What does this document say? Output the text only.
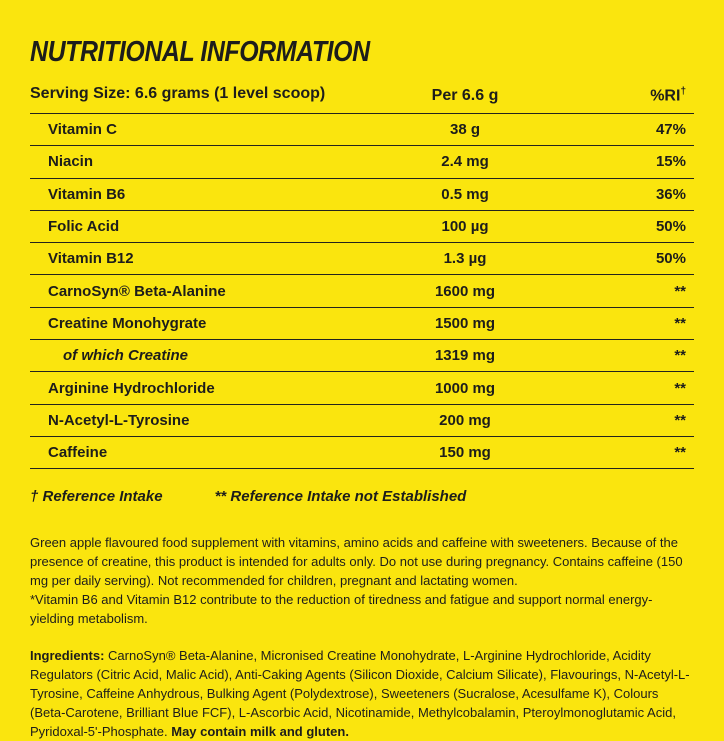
NUTRITIONAL INFORMATION
Serving Size: 6.6 grams (1 level scoop)	Per 6.6 g	%RI†
Vitamin C	38 g	47%
Niacin	2.4 mg	15%
Vitamin B6	0.5 mg	36%
Folic Acid	100 µg	50%
Vitamin B12	1.3 µg	50%
CarnoSyn® Beta-Alanine	1600 mg	**
Creatine Monohygrate	1500 mg	**
of which Creatine	1319 mg	**
Arginine Hydrochloride	1000 mg	**
N-Acetyl-L-Tyrosine	200 mg	**
Caffeine	150 mg	**
† Reference Intake	** Reference Intake not Established
Green apple flavoured food supplement with vitamins, amino acids and caffeine with sweeteners. Because of the presence of creatine, this product is intended for adults only. Do not use during pregnancy. Contains caffeine (150 mg per daily serving). Not recommended for children, pregnant and lactating women.
*Vitamin B6 and Vitamin B12 contribute to the reduction of tiredness and fatigue and support normal energy-yielding metabolism.

Ingredients: CarnoSyn® Beta-Alanine, Micronised Creatine Monohydrate, L-Arginine Hydrochloride, Acidity Regulators (Citric Acid, Malic Acid), Anti-Caking Agents (Silicon Dioxide, Calcium Silicate), Flavourings, N-Acetyl-L-Tyrosine, Caffeine Anhydrous, Bulking Agent (Polydextrose), Sweeteners (Sucralose, Acesulfame K), Colours (Beta-Carotene, Brilliant Blue FCF), L-Ascorbic Acid, Nicotinamide, Methylcobalamin, Pteroylmonoglutamic Acid, Pyridoxal-5'-Phosphate. May contain milk and gluten.
